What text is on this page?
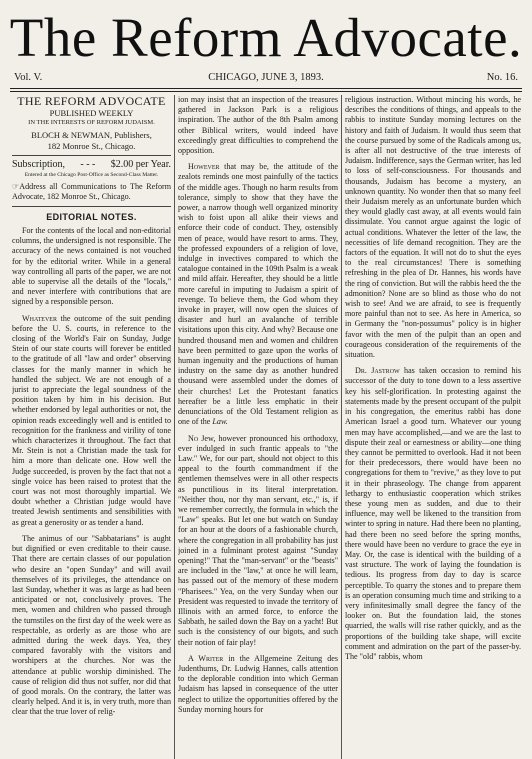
The Reform Advocate.
Vol. V.	CHICAGO, JUNE 3, 1893.	No. 16.
THE REFORM ADVOCATE
PUBLISHED WEEKLY
IN THE INTERESTS OF REFORM JUDAISM.
BLOCH & NEWMAN, Publishers,
182 Monroe St., Chicago.
Subscription, - - - $2.00 per Year.
Entered at the Chicago Post-Office as Second-Class Matter.
☞Address all Communications to The Reform Advocate, 182 Monroe St., Chicago.
EDITORIAL NOTES.

For the contents of the local and non-editorial columns, the undersigned is not responsible. The accuracy of the news contained is not vouched for by the editorial writer. While in a general way controlling all parts of the paper, we are not able to supervise all the details of the "locals," and never interfere with contributions that are signed by a responsible person.

Whatever the outcome of the suit pending before the U. S. courts, in reference to the closing of the World's Fair on Sunday, Judge Stein of our state courts will forever be entitled to the gratitude of all "law and order" observing classes for the manly manner in which he handled the subject. We are not enough of a jurist to appreciate the legal soundness of the position taken by him in his decision. But whether endorsed by legal authorities or not, the opinion reads exceedingly well and is entitled to recognition for the frankness and virility of tone which characterizes it throughout. The fact that Mr. Stein is not a Christian made the task for him a more than delicate one. How well the Judge succeeded, is proven by the fact that not a single voice has been raised to protest that the court was not most thoroughly impartial. We doubt whether a Christian judge would have treated Jewish sentiments and sensibilities with as great a generosity or as tender a hand.

The animus of our "Sabbatarians" is aught but dignified or even creditable to their cause. That there are certain classes of our population who desire an "open Sunday" and will avail themselves of its privileges, the attendance on last Sunday, whether it was as large as had been anticipated or not, conclusively proves. The men, women and children who passed through the turnstiles on the first day of the week were as respectable, as orderly as are those who are admitted during the week days. Yea, they compared favorably with the visitors and worshipers at the churches. Nor was the attendance at public worship diminished. The cause of religion did thus not suffer, nor did that of good morals. On the contrary, the latter was clearly helped. And it is, in very truth, more than clear that the true lover of relig-

ion may insist that an inspection of the treasures gathered in Jackson Park is a religious inspiration. The author of the 8th Psalm among other Biblical writers, would indeed have exceedingly great difficulties to comprehend the opposition.

However that may be, the attitude of the zealots reminds one most painfully of the tactics of the middle ages. Though no harm results from tolerance, simply to show that they have the power, a narrow though well organized minority wish to foist upon all alike their views and enforce their code of conduct. They, ostensibly men of peace, would have resort to arms. They, the professed expounders of a religion of love, indulge in invectives compared to which the catalogue contained in the 109th Psalm is a weak and mild affair. Hereafter, they should be a little more careful in imputing to Judaism a spirit of revenge. To believe them, the God whom they invoke in prayer, will now open the sluices of disaster and hurl an avalanche of terrible visitations upon this city. And why? Because one hundred thousand men and women and children have been permitted to gaze upon the works of human ingenuity and the productions of human industry on the same day as another hundred thousand were assembled under the domes of their churches! Let the Protestant fanatics hereafter be a little less emphatic in their denunciations of the Old Testament religion as one of the Law.

No Jew, however pronounced his orthodoxy, ever indulged in such frantic appeals to "the Law." We, for our part, should not object to this appeal to the fourth commandment if the gentlemen themselves were in all other respects as punctilious in its literal interpretation. "Neither thou, nor thy man servant, etc.," is, if we remember correctly, the formula in which the "Law" speaks. But let one but watch on Sunday for an hour at the doors of a fashionable church, where the congregation in all probability has just joined in a fulminant protest against "Sunday opening!" That the "man-servant" or the "beasts" are included in the "law," at once he will learn, has passed out of the memory of these modern "Pharisees." Yea, on the very Sunday when our President was requested to invade the territory of Illinois with an armed force, to enforce the Sabbath, he sailed down the Bay on a yacht! But such is the consistency of our bigots, and such their notion of fair play!

A Writer in the Allgemeine Zeitung des Judenthums, Dr. Ludwig Hannes, calls attention to the deplorable condition into which German Judaism has lapsed in consequence of the utter neglect to utilize the opportunities offered by the Sunday morning hours for

religious instruction. Without mincing his words, he describes the conditions of things, and appeals to the rabbis to institute Sunday morning lectures on the history and faith of Judaism. It would thus seem that the course pursued by some of the Radicals among us, is after all not destructive of the true interests of Judaism. Indifference, says the German writer, has led to loss of self-consciousness. For thousands and thousands, Judaism has become a mystery, an unknown quantity. No wonder then that so many feel their Judaism merely as an unfortunate burden which they would gladly cast away, at all events would fain dissimulate. You cannot argue against the logic of actual conditions. Whatever the letter of the law, the necessities of life demand recognition. They are the factors of the equation. It will not do to shut the eyes to the real circumstances! There is something refreshing in the plea of Dr. Hannes, his words have the ring of conviction. But will the rabbis heed the the admonition? None are so blind as those who do not wish to see! And we are afraid, to see is frequently more painful than not to see. As here in America, so in Germany the "non-possumus" policy is in higher favor with the men of the pulpit than an open and courageous consideration of the requirements of the situation.

Dr. Jastrow has taken occasion to remind his successor of the duty to tone down to a less assertive key his self-glorification. In protesting against the statements made by the present occupant of the pulpit in his congregation, the emeritus rabbi has done American Israel a good turn. Whatever our young men may have accomplished,—and we are the last to dispute their zeal or earnestness or ability—one thing they cannot be permitted to overlook. Had it not been for their predecessors, there would have been no congregations for them to "revive," as they love to put it in their phraseology. The change from apparent lethargy to enthusiastic cooperation which strikes these young men as sudden, and due to their influence, may well be likened to the transition from winter to spring in nature. Had there been no planting, had there been no seed before the spring months, there would have been no verdure to grace the eye in May. Or, the case is identical with the building of a vast structure. The work of laying the foundation is tedious. Its progress from day to day is scarce perceptible. To quarry the stones and to prepare them is an operation consuming much time and striking to a very infinitesimally small degree the fancy of the looker on. But the foundation laid, the stones quarried, the walls will rise rather quickly, and as the proportions of the building take shape, will excite comment and admiration on the part of the passer-by. The "old" rabbis, whom
